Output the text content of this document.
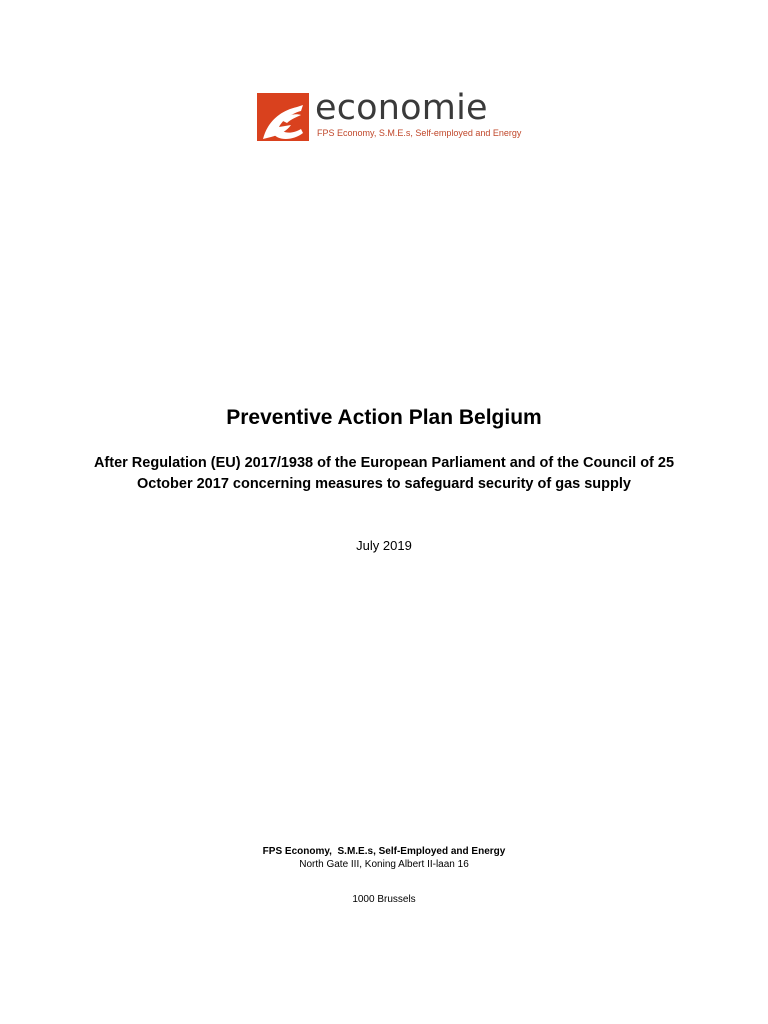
economie
FPS Economy, S.M.E.s, Self-employed and Energy
Preventive Action Plan Belgium
After Regulation (EU) 2017/1938 of the European Parliament and of the Council of 25 October 2017 concerning measures to safeguard security of gas supply
July 2019
FPS Economy,  S.M.E.s, Self-Employed and Energy
North Gate III, Koning Albert II-laan 16
1000 Brussels
